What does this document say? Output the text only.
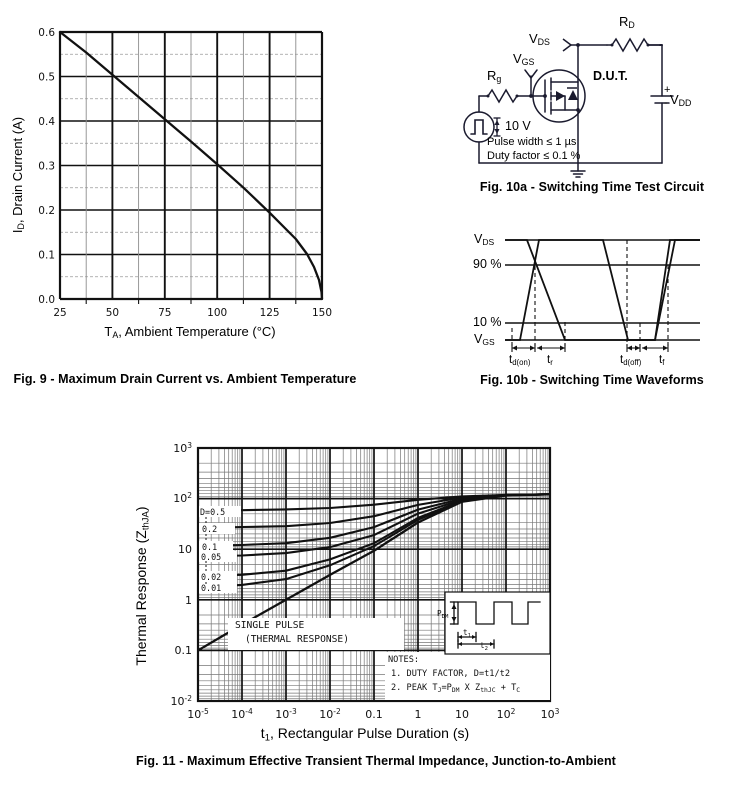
$I_D$, Drain Current (A)
0.6
0.5
0.4
0.3
0.2
0.1
0.0
25	50	75	100	125	150
$T_A$, Ambient Temperature (°C)
Fig. 9 - Maximum Drain Current vs. Ambient Temperature
$R_D$
$R_g$
$V_{DS}$
$V_{GS}$
$V_{DD}$
+
-
D.U.T.
10 V
Pulse width ≤ 1 µs
Duty factor ≤ 0.1 %
Fig. 10a - Switching Time Test Circuit
$V_{DS}$
90 %
10 %
$V_{GS}$
$t_{d(on)}$ $t_r$	$t_{d(off)}$ $t_f$
Fig. 10b - Switching Time Waveforms
Thermal Response $(Z_{thJA})$	D=0.5
0.2
0.1
0.05
0.02
0.01
SINGLE PULSE
(THERMAL RESPONSE)
NOTES:
1. DUTY FACTOR, D=t1/t2
2. PEAK $T_J=P_{DM}$ X $Z_{thJC} + T_C$
$P_{DM}$
$t_1$
$t_2$
$10^3$
$10^2$
10
1
0.1
$10^{-2}$
$10^{-5}$ $10^{-4}$ $10^{-3}$ $10^{-2}$ 0.1	1	10	$10^2$ $10^3$
$t_1$, Rectangular Pulse Duration (s)
Fig. 11 - Maximum Effective Transient Thermal Impedance, Junction-to-Ambient
